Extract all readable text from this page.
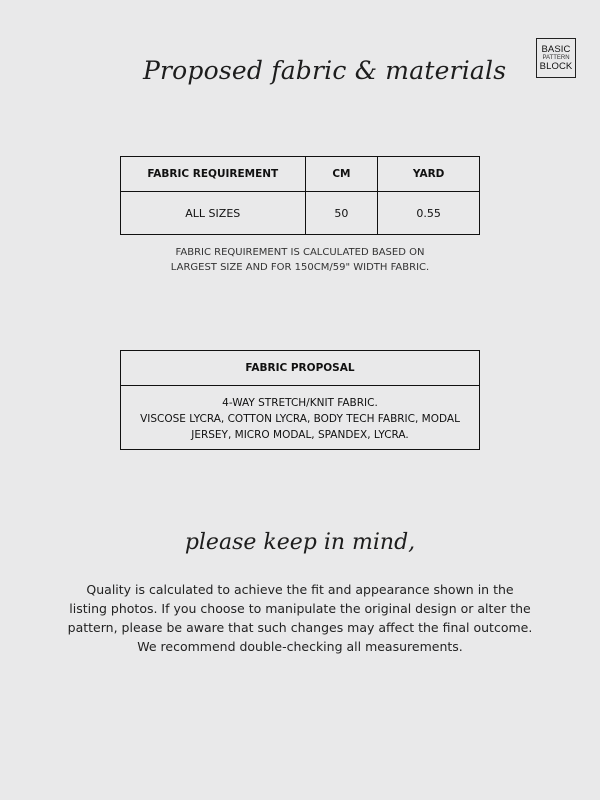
BASIC
PATTERN
BLOCK
Proposed fabric & materials
FABRIC REQUIREMENT	CM	YARD
ALL SIZES	50	0.55
FABRIC REQUIREMENT IS CALCULATED BASED ON
LARGEST SIZE AND FOR 150CM/59" WIDTH FABRIC.
FABRIC PROPOSAL
4-WAY STRETCH/KNIT FABRIC.
VISCOSE LYCRA, COTTON LYCRA, BODY TECH FABRIC, MODAL
JERSEY, MICRO MODAL, SPANDEX, LYCRA.
please keep in mind,
Quality is calculated to achieve the fit and appearance shown in the
listing photos. If you choose to manipulate the original design or alter the
pattern, please be aware that such changes may affect the final outcome.
We recommend double-checking all measurements.
